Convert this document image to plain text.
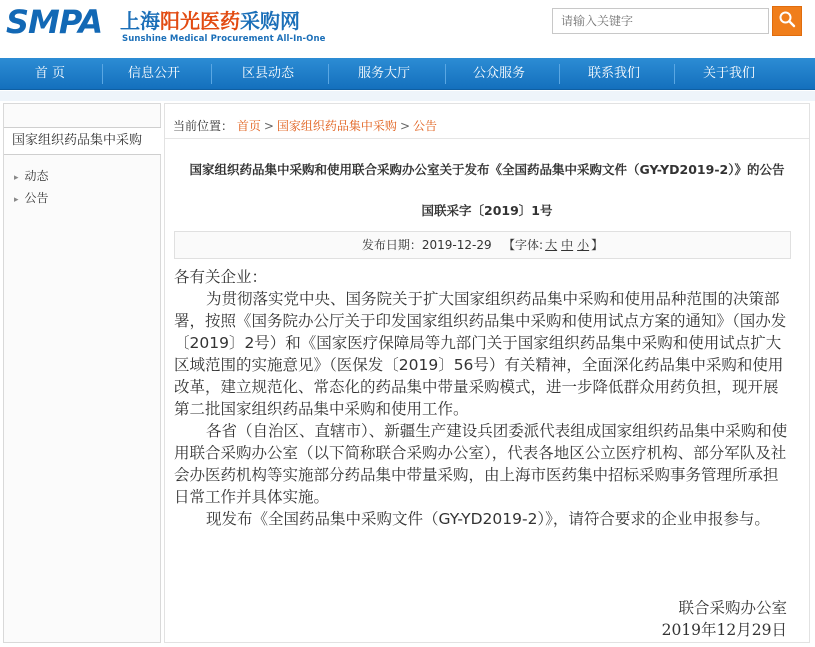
SMPA 上海阳光医药采购网
Sunshine Medical Procurement All-In-One
请输入关键字
首 页	信息公开	区县动态	服务大厅	公众服务	联系我们	关于我们
国家组织药品集中采购
▸ 动态
▸ 公告
当前位置： 首页 > 国家组织药品集中采购 > 公告
国家组织药品集中采购和使用联合采购办公室关于发布《全国药品集中采购文件（GY-YD2019-2）》的公告
国联采字〔2019〕1号
发布日期：2019-12-29 【字体: 大 中 小 】

各有关企业：

为贯彻落实党中央、国务院关于扩大国家组织药品集中采购和使用品种范围的决策部署，按照《国务院办公厅关于印发国家组织药品集中采购和使用试点方案的通知》（国办发〔2019〕2号）和《国家医疗保障局等九部门关于国家组织药品集中采购和使用试点扩大区域范围的实施意见》（医保发〔2019〕56号）有关精神，全面深化药品集中采购和使用改革，建立规范化、常态化的药品集中带量采购模式，进一步降低群众用药负担，现开展第二批国家组织药品集中采购和使用工作。

各省（自治区、直辖市）、新疆生产建设兵团委派代表组成国家组织药品集中采购和使用联合采购办公室（以下简称联合采购办公室），代表各地区公立医疗机构、部分军队及社会办医药机构等实施部分药品集中带量采购，由上海市医药集中招标采购事务管理所承担日常工作并具体实施。

现发布《全国药品集中采购文件（GY-YD2019-2）》，请符合要求的企业申报参与。

联合采购办公室
2019年12月29日
